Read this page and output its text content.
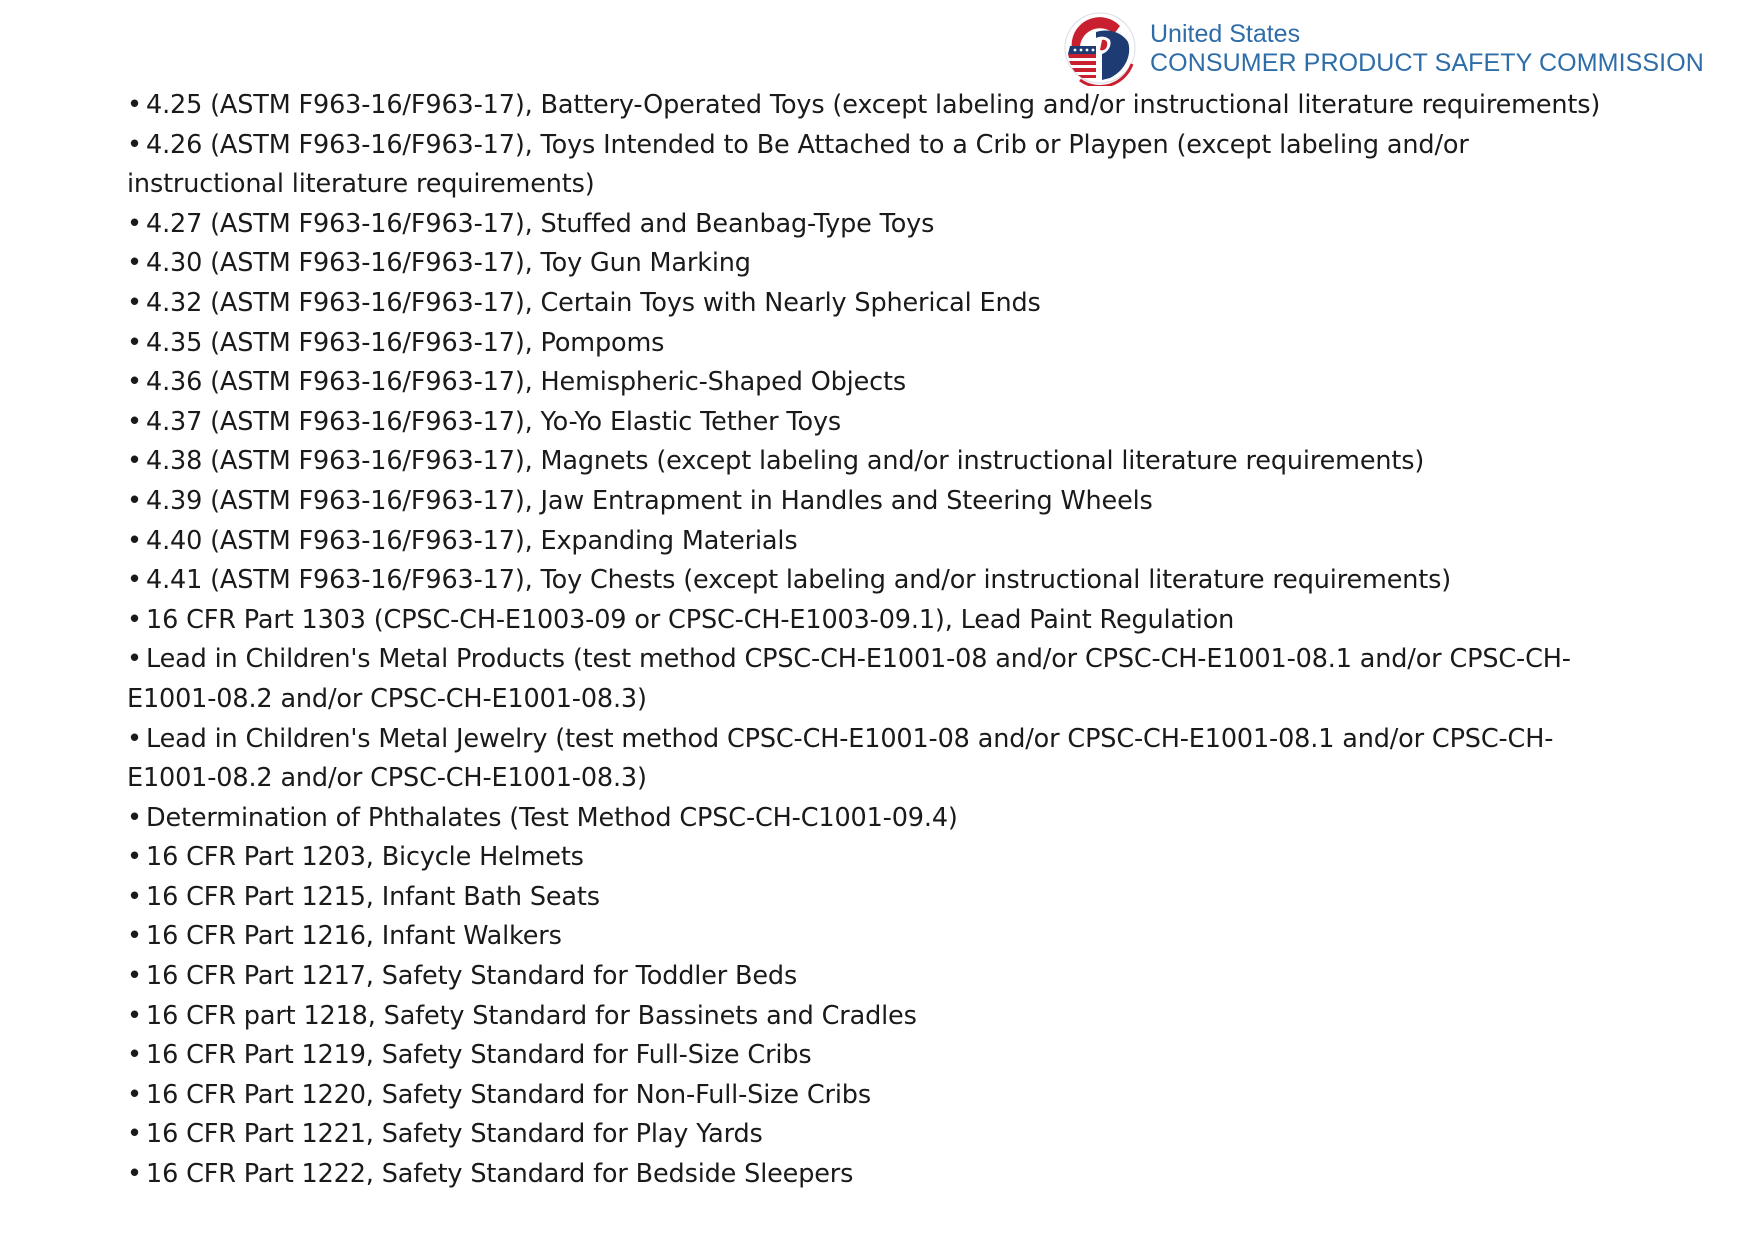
United States
CONSUMER PRODUCT SAFETY COMMISSION
• 4.25 (ASTM F963-16/F963-17), Battery-Operated Toys (except labeling and/or instructional literature requirements)
• 4.26 (ASTM F963-16/F963-17), Toys Intended to Be Attached to a Crib or Playpen (except labeling and/or instructional literature requirements)
• 4.27 (ASTM F963-16/F963-17), Stuffed and Beanbag-Type Toys
• 4.30 (ASTM F963-16/F963-17), Toy Gun Marking
• 4.32 (ASTM F963-16/F963-17), Certain Toys with Nearly Spherical Ends
• 4.35 (ASTM F963-16/F963-17), Pompoms
• 4.36 (ASTM F963-16/F963-17), Hemispheric-Shaped Objects
• 4.37 (ASTM F963-16/F963-17), Yo-Yo Elastic Tether Toys
• 4.38 (ASTM F963-16/F963-17), Magnets (except labeling and/or instructional literature requirements)
• 4.39 (ASTM F963-16/F963-17), Jaw Entrapment in Handles and Steering Wheels
• 4.40 (ASTM F963-16/F963-17), Expanding Materials
• 4.41 (ASTM F963-16/F963-17), Toy Chests (except labeling and/or instructional literature requirements)
• 16 CFR Part 1303 (CPSC-CH-E1003-09 or CPSC-CH-E1003-09.1), Lead Paint Regulation
• Lead in Children's Metal Products (test method CPSC-CH-E1001-08 and/or CPSC-CH-E1001-08.1 and/or CPSC-CH-E1001-08.2 and/or CPSC-CH-E1001-08.3)
• Lead in Children's Metal Jewelry (test method CPSC-CH-E1001-08 and/or CPSC-CH-E1001-08.1 and/or CPSC-CH-E1001-08.2 and/or CPSC-CH-E1001-08.3)
• Determination of Phthalates (Test Method CPSC-CH-C1001-09.4)
• 16 CFR Part 1203, Bicycle Helmets
• 16 CFR Part 1215, Infant Bath Seats
• 16 CFR Part 1216, Infant Walkers
• 16 CFR Part 1217, Safety Standard for Toddler Beds
• 16 CFR part 1218, Safety Standard for Bassinets and Cradles
• 16 CFR Part 1219, Safety Standard for Full-Size Cribs
• 16 CFR Part 1220, Safety Standard for Non-Full-Size Cribs
• 16 CFR Part 1221, Safety Standard for Play Yards
• 16 CFR Part 1222, Safety Standard for Bedside Sleepers
